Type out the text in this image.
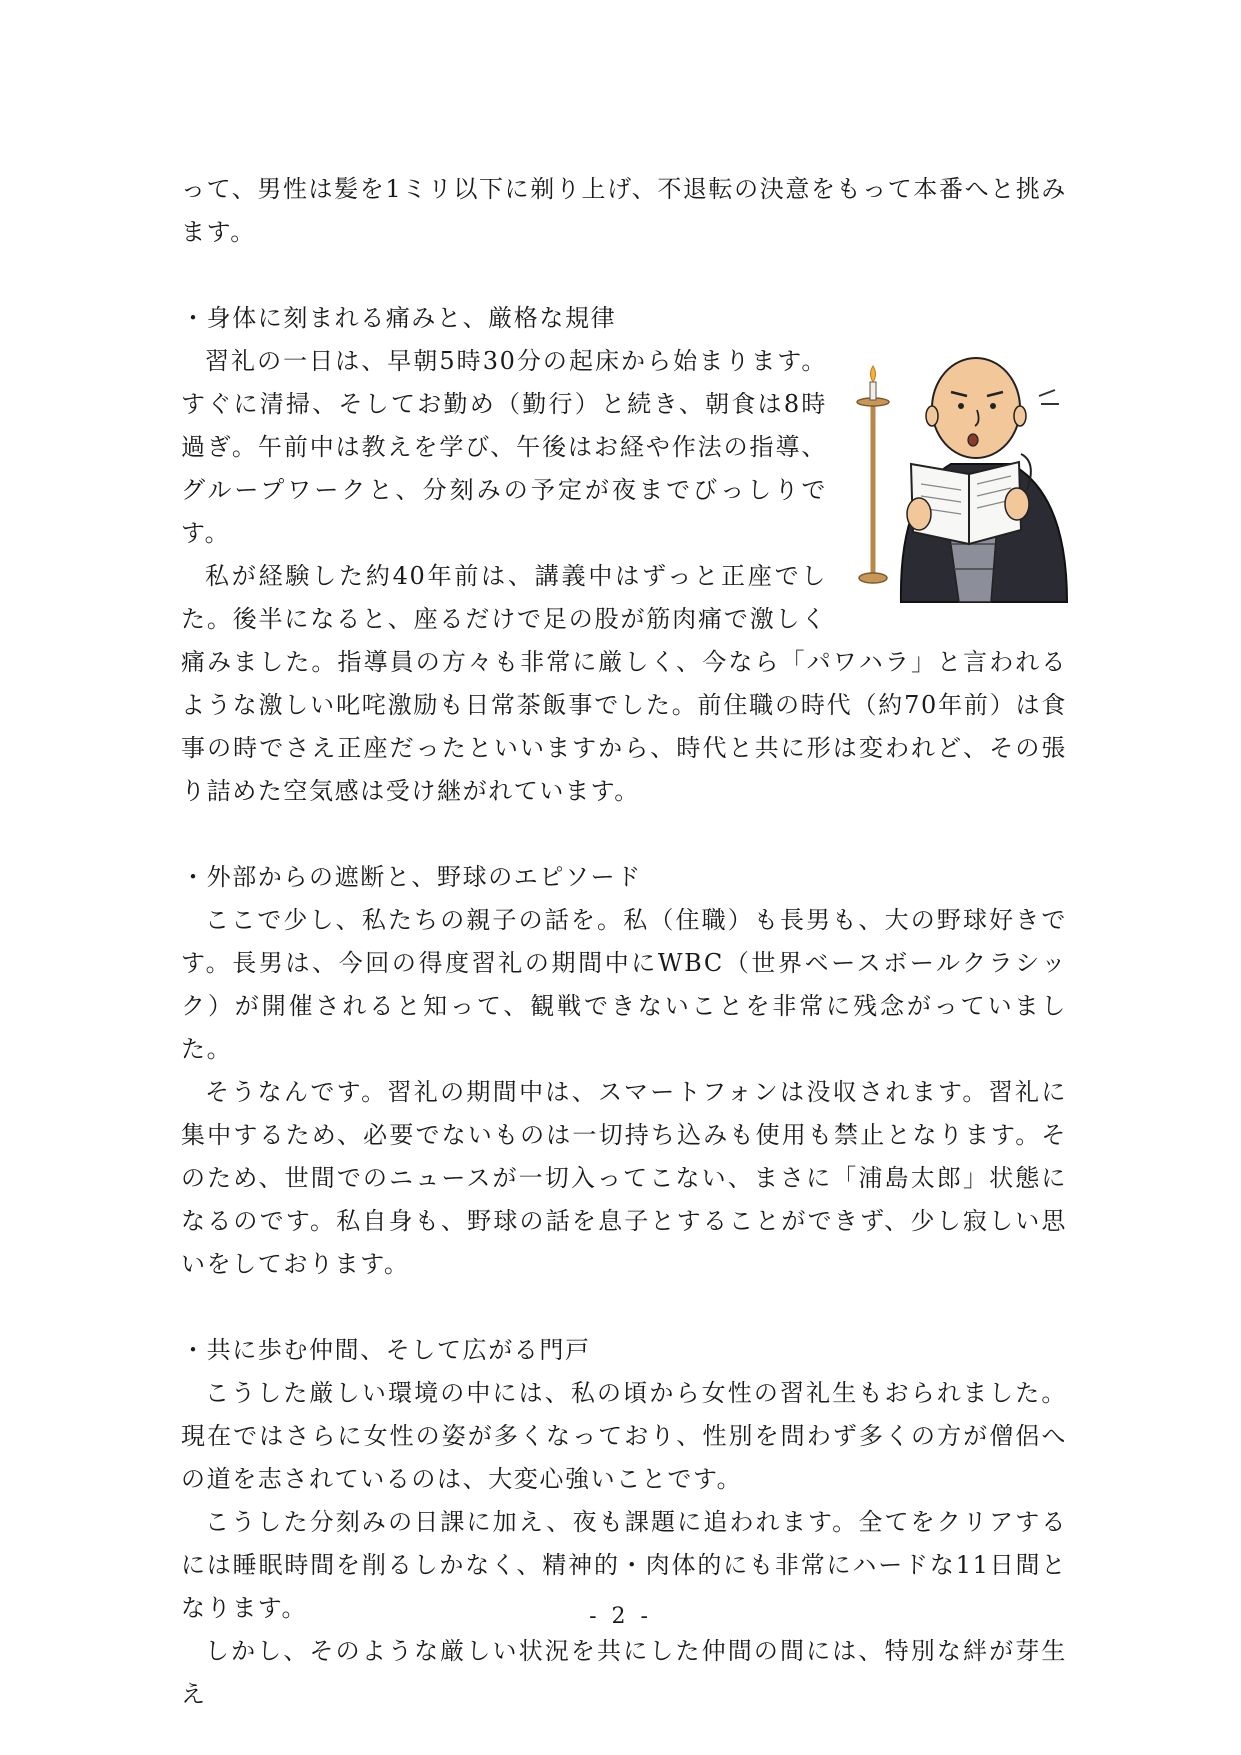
って、男性は髪を1ミリ以下に剃り上げ、不退転の決意をもって本番へと挑みます。

・身体に刻まれる痛みと、厳格な規律

習礼の一日は、早朝5時30分の起床から始まります。すぐに清掃、そしてお勤め（勤行）と続き、朝食は8時過ぎ。午前中は教えを学び、午後はお経や作法の指導、グループワークと、分刻みの予定が夜までびっしりです。

私が経験した約40年前は、講義中はずっと正座でした。後半になると、座るだけで足の股が筋肉痛で激しく痛みました。指導員の方々も非常に厳しく、今なら「パワハラ」と言われるような激しい叱咤激励も日常茶飯事でした。前住職の時代（約70年前）は食事の時でさえ正座だったといいますから、時代と共に形は変われど、その張り詰めた空気感は受け継がれています。

・外部からの遮断と、野球のエピソード

ここで少し、私たちの親子の話を。私（住職）も長男も、大の野球好きです。長男は、今回の得度習礼の期間中にWBC（世界ベースボールクラシック）が開催されると知って、観戦できないことを非常に残念がっていました。

そうなんです。習礼の期間中は、スマートフォンは没収されます。習礼に集中するため、必要でないものは一切持ち込みも使用も禁止となります。そのため、世間でのニュースが一切入ってこない、まさに「浦島太郎」状態になるのです。私自身も、野球の話を息子とすることができず、少し寂しい思いをしております。

・共に歩む仲間、そして広がる門戸

こうした厳しい環境の中には、私の頃から女性の習礼生もおられました。現在ではさらに女性の姿が多くなっており、性別を問わず多くの方が僧侶への道を志されているのは、大変心強いことです。

こうした分刻みの日課に加え、夜も課題に追われます。全てをクリアするには睡眠時間を削るしかなく、精神的・肉体的にも非常にハードな11日間となります。

しかし、そのような厳しい状況を共にした仲間の間には、特別な絆が芽生え

- 2 -
